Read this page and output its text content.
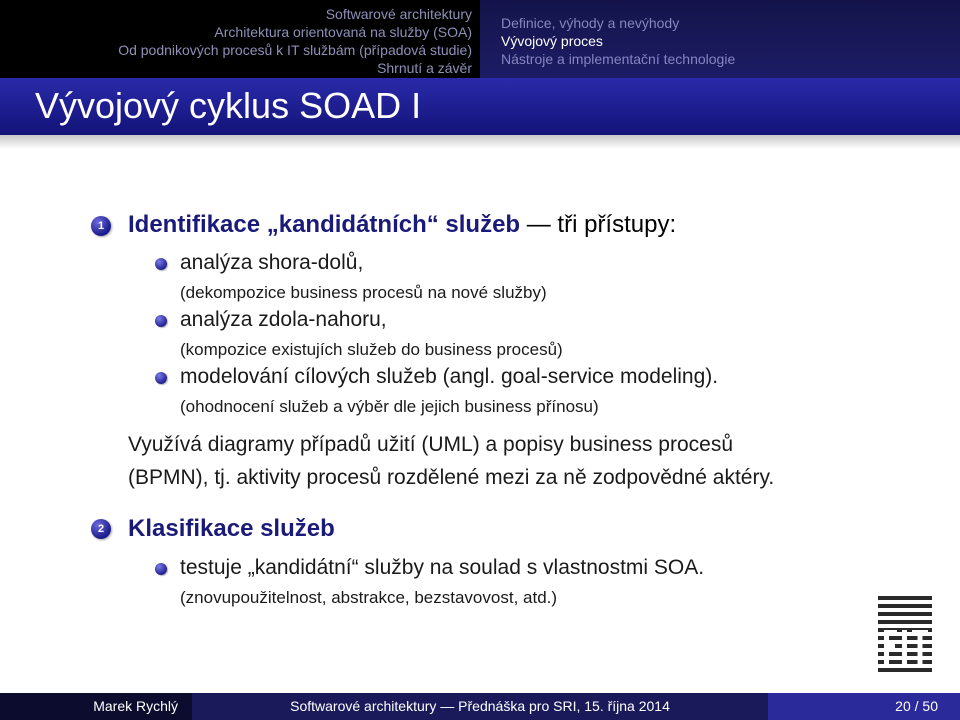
Softwarové architektury
Architektura orientovaná na služby (SOA)
Od podnikových procesů k IT službám (případová studie)
Shrnutí a závěr
Definice, výhody a nevýhody
Vývojový proces
Nástroje a implementační technologie
Vývojový cyklus SOAD I
1 Identifikace „kandidátních“ služeb — tři přístupy:
analýza shora-dolů,
(dekompozice business procesů na nové služby)
analýza zdola-nahoru,
(kompozice existujích služeb do business procesů)
modelování cílových služeb (angl. goal-service modeling).
(ohodnocení služeb a výběr dle jejich business přínosu)
Využívá diagramy případů užití (UML) a popisy business procesů
(BPMN), tj. aktivity procesů rozdělené mezi za ně zodpovědné aktéry.
2 Klasifikace služeb
testuje „kandidátní“ služby na soulad s vlastnostmi SOA.
(znovupoužitelnost, abstrakce, bezstavovost, atd.)
Marek Rychlý	Softwarové architektury — Přednáška pro SRI, 15. října 2014	20 / 50
